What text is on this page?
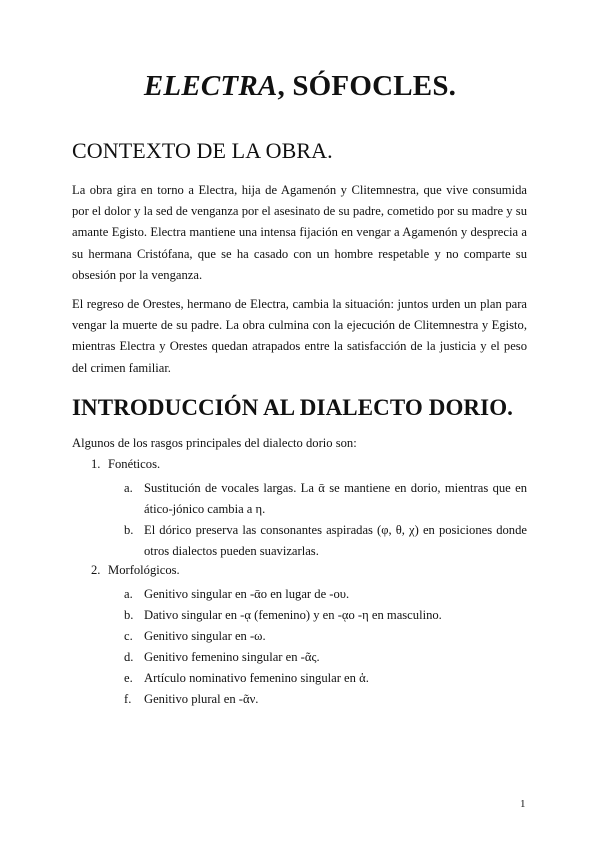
ELECTRA, SÓFOCLES.
CONTEXTO DE LA OBRA.

La obra gira en torno a Electra, hija de Agamenón y Clitemnestra, que vive consumida por el dolor y la sed de venganza por el asesinato de su padre, cometido por su madre y su amante Egisto. Electra mantiene una intensa fijación en vengar a Agamenón y desprecia a su hermana Cristófana, que se ha casado con un hombre respetable y no comparte su obsesión por la venganza.

El regreso de Orestes, hermano de Electra, cambia la situación: juntos urden un plan para vengar la muerte de su padre. La obra culmina con la ejecución de Clitemnestra y Egisto, mientras Electra y Orestes quedan atrapados entre la satisfacción de la justicia y el peso del crimen familiar.

INTRODUCCIÓN AL DIALECTO DORIO.

Algunos de los rasgos principales del dialecto dorio son:

1. Fonéticos.

a. Sustitución de vocales largas. La ᾱ se mantiene en dorio, mientras que en ático-jónico cambia a η.
b. El dórico preserva las consonantes aspiradas (φ, θ, χ) en posiciones donde otros dialectos pueden suavizarlas.

2. Morfológicos.

a. Genitivo singular en -ᾱο en lugar de -ου.
b. Dativo singular en -ᾳ (femenino) y en -ᾳο -η en masculino.
c. Genitivo singular en -ω.
d. Genitivo femenino singular en -ᾶς.
e. Artículo nominativo femenino singular en ἁ.
f.	Genitivo plural en -ᾶν.
1
